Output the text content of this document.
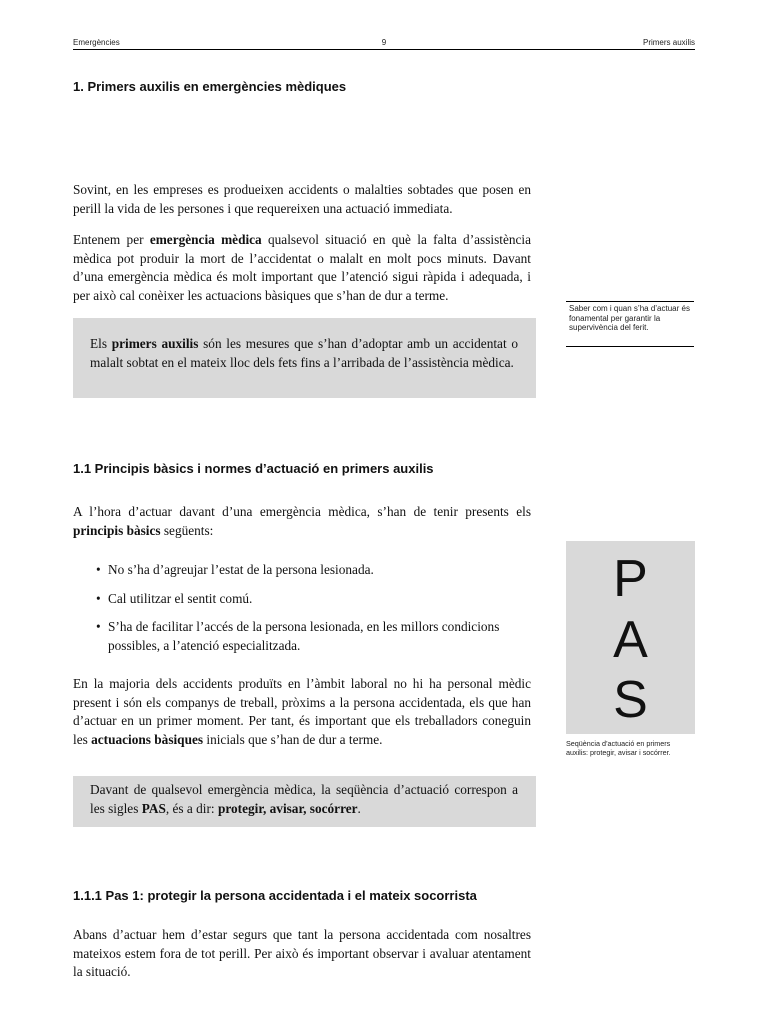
Emergències	9	Primers auxilis
1. Primers auxilis en emergències mèdiques
Sovint, en les empreses es produeixen accidents o malalties sobtades que posen en perill la vida de les persones i que requereixen una actuació immediata.
Entenem per emergència mèdica qualsevol situació en què la falta d’assistència mèdica pot produir la mort de l’accidentat o malalt en molt pocs minuts. Davant d’una emergència mèdica és molt important que l’atenció sigui ràpida i adequada, i per això cal conèixer les actuacions bàsiques que s’han de dur a terme.
Els primers auxilis són les mesures que s’han d’adoptar amb un accidentat o malalt sobtat en el mateix lloc dels fets fins a l’arribada de l’assistència mèdica.
Saber com i quan s’ha d’actuar és fonamental per garantir la supervivència del ferit.
1.1 Principis bàsics i normes d’actuació en primers auxilis
A l’hora d’actuar davant d’una emergència mèdica, s’han de tenir presents els principis bàsics següents:
• No s’ha d’agreujar l’estat de la persona lesionada.
• Cal utilitzar el sentit comú.
• S’ha de facilitar l’accés de la persona lesionada, en les millors condicions possibles, a l’atenció especialitzada.
En la majoria dels accidents produïts en l’àmbit laboral no hi ha personal mèdic present i són els companys de treball, pròxims a la persona accidentada, els que han d’actuar en un primer moment. Per tant, és important que els treballadors coneguin les actuacions bàsiques inicials que s’han de dur a terme.
Davant de qualsevol emergència mèdica, la seqüència d’actuació correspon a les sigles PAS, és a dir: protegir, avisar, socórrer.
P
A
S
Seqüència d’actuació en primers auxilis: protegir, avisar i socórrer.
1.1.1 Pas 1: protegir la persona accidentada i el mateix socorrista
Abans d’actuar hem d’estar segurs que tant la persona accidentada com nosaltres mateixos estem fora de tot perill. Per això és important observar i avaluar atentament la situació.
